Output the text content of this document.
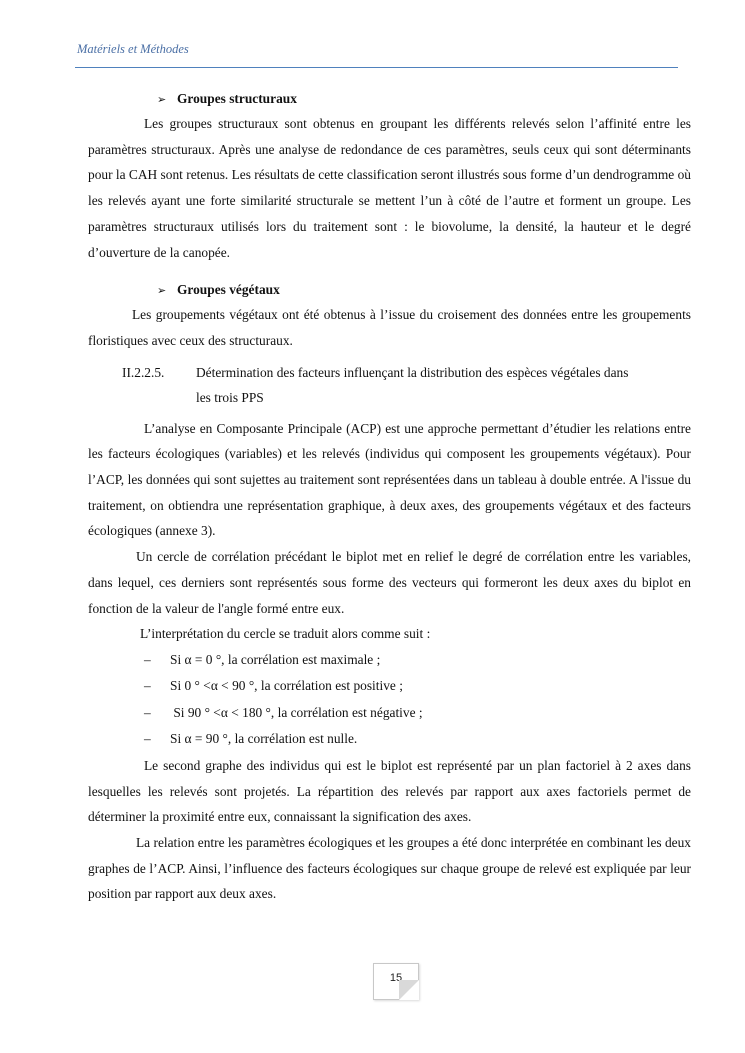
Matériels et Méthodes
➢ Groupes structuraux

Les groupes structuraux sont obtenus en groupant les différents relevés selon l’affinité entre les paramètres structuraux. Après une analyse de redondance de ces paramètres, seuls ceux qui sont déterminants pour la CAH sont retenus. Les résultats de cette classification seront illustrés sous forme d’un dendrogramme où les relevés ayant une forte similarité structurale se mettent l’un à côté de l’autre et forment un groupe. Les paramètres structuraux utilisés lors du traitement sont : le biovolume, la densité, la hauteur et le degré d’ouverture de la canopée.

➢ Groupes végétaux

Les groupements végétaux ont été obtenus à l’issue du croisement des données entre les groupements floristiques avec ceux des structuraux.

II.2.2.5. Détermination des facteurs influençant la distribution des espèces végétales dans
les trois PPS

L’analyse en Composante Principale (ACP) est une approche permettant d’étudier les relations entre les facteurs écologiques (variables) et les relevés (individus qui composent les groupements végétaux). Pour l’ACP, les données qui sont sujettes au traitement sont représentées dans un tableau à double entrée. A l'issue du traitement, on obtiendra une représentation graphique, à deux axes, des groupements végétaux et des facteurs écologiques (annexe 3).

Un cercle de corrélation précédant le biplot met en relief le degré de corrélation entre les variables, dans lequel, ces derniers sont représentés sous forme des vecteurs qui formeront les deux axes du biplot en fonction de la valeur de l'angle formé entre eux.

L’interprétation du cercle se traduit alors comme suit :
– Si α = 0 °, la corrélation est maximale ;
– Si 0 ° <α < 90 °, la corrélation est positive ;
– Si 90 ° <α < 180 °, la corrélation est négative ;
– Si α = 90 °, la corrélation est nulle.

Le second graphe des individus qui est le biplot est représenté par un plan factoriel à 2 axes dans lesquelles les relevés sont projetés. La répartition des relevés par rapport aux axes factoriels permet de déterminer la proximité entre eux, connaissant la signification des axes.

La relation entre les paramètres écologiques et les groupes a été donc interprétée en combinant les deux graphes de l’ACP. Ainsi, l’influence des facteurs écologiques sur chaque groupe de relevé est expliquée par leur position par rapport aux deux axes.

15
